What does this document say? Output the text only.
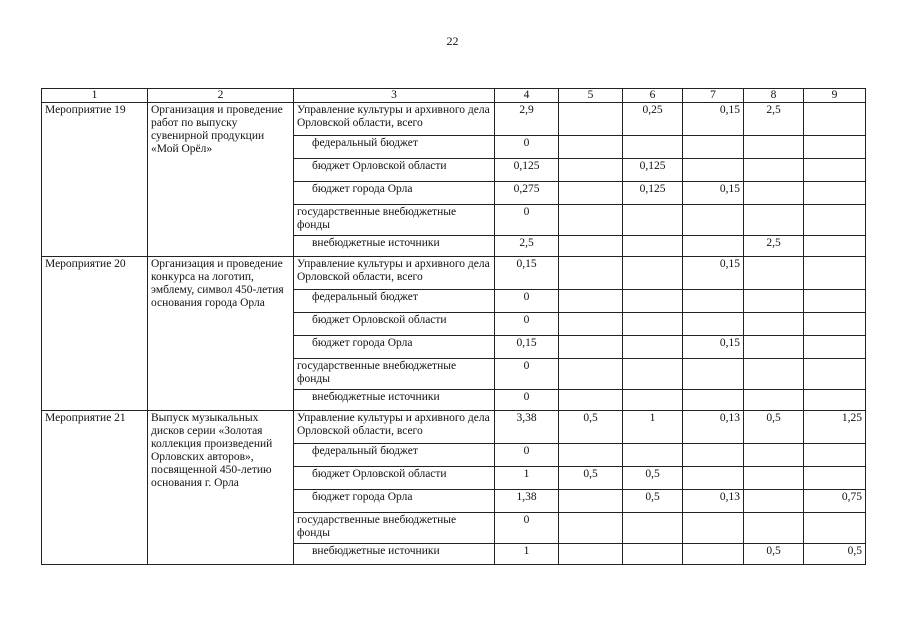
22
1	2	3	4	5	6	7	8	9
Мероприятие 19	Организация и проведение работ по выпуску сувенирной продукции «Мой Орёл»	Управление культуры и архивного дела Орловской области, всего	2,9		0,25	0,15	2,5	
		федеральный бюджет	0					
		бюджет Орловской области	0,125		0,125			
		бюджет города Орла	0,275		0,125	0,15		
		государственные внебюджетные фонды	0					
		внебюджетные источники	2,5				2,5	
Мероприятие 20	Организация и проведение конкурса на логотип, эмблему, символ 450-летия основания города Орла	Управление культуры и архивного дела Орловской области, всего	0,15			0,15		
		федеральный бюджет	0					
		бюджет Орловской области	0					
		бюджет города Орла	0,15			0,15		
		государственные внебюджетные фонды	0					
		внебюджетные источники	0					
Мероприятие 21	Выпуск музыкальных дисков серии «Золотая коллекция произведений Орловских авторов», посвященной 450-летию основания г. Орла	Управление культуры и архивного дела Орловской области, всего	3,38	0,5	1	0,13	0,5	1,25
		федеральный бюджет	0					
		бюджет Орловской области	1	0,5	0,5			
		бюджет города Орла	1,38		0,5	0,13		0,75
		государственные внебюджетные фонды	0					
		внебюджетные источники	1				0,5	0,5
